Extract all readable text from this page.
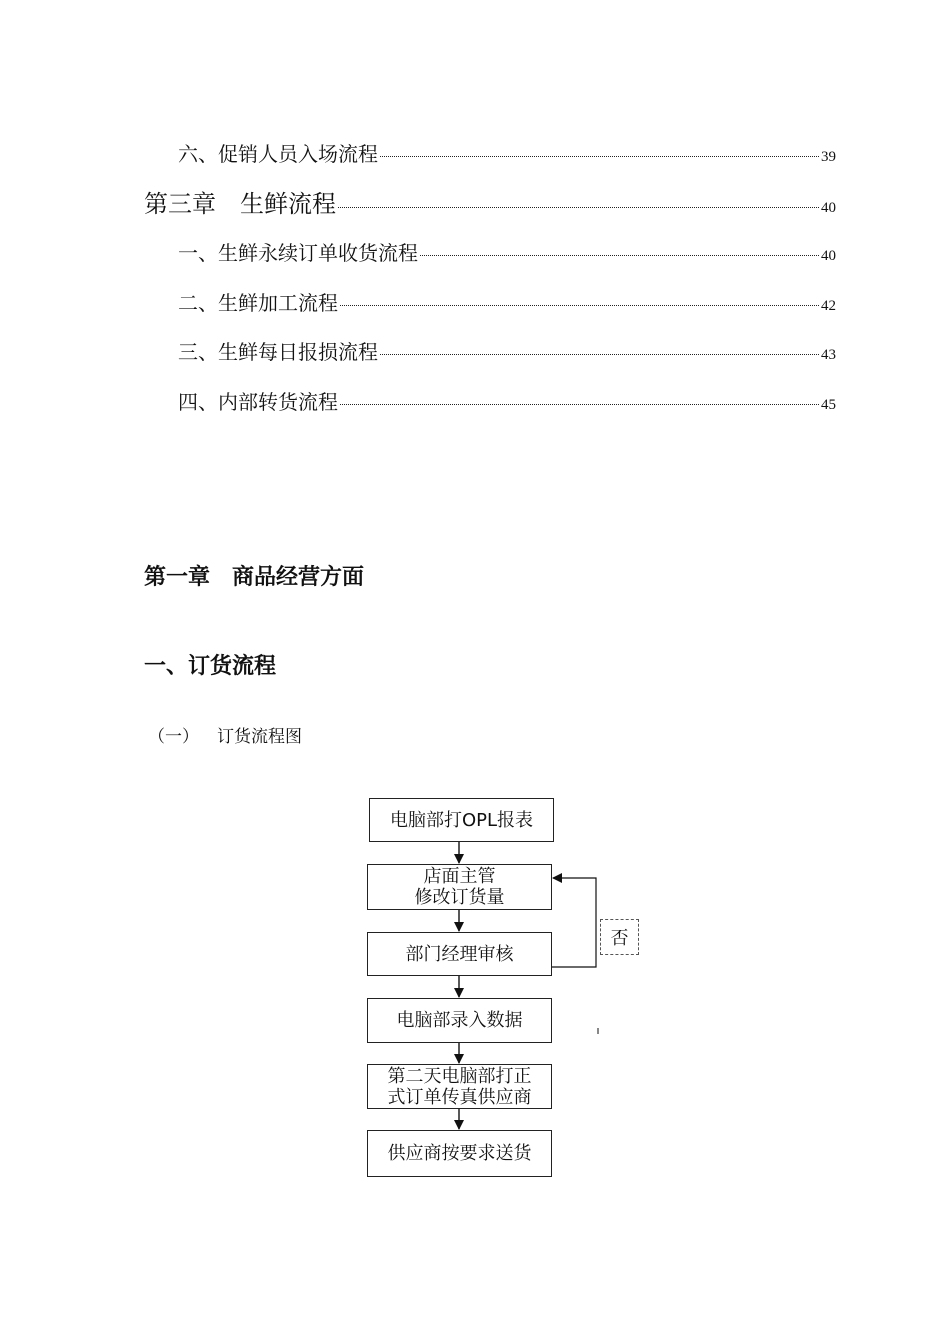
六、促销人员入场流程	39
第三章　生鲜流程	40
一、生鲜永续订单收货流程	40
二、生鲜加工流程	42
三、生鲜每日报损流程	43
四、内部转货流程	45
第一章　商品经营方面
一、订货流程
（一） 订货流程图
电脑部打OPL报表
店面主管
修改订货量
部门经理审核
电脑部录入数据
第二天电脑部打正
式订单传真供应商
供应商按要求送货
否
